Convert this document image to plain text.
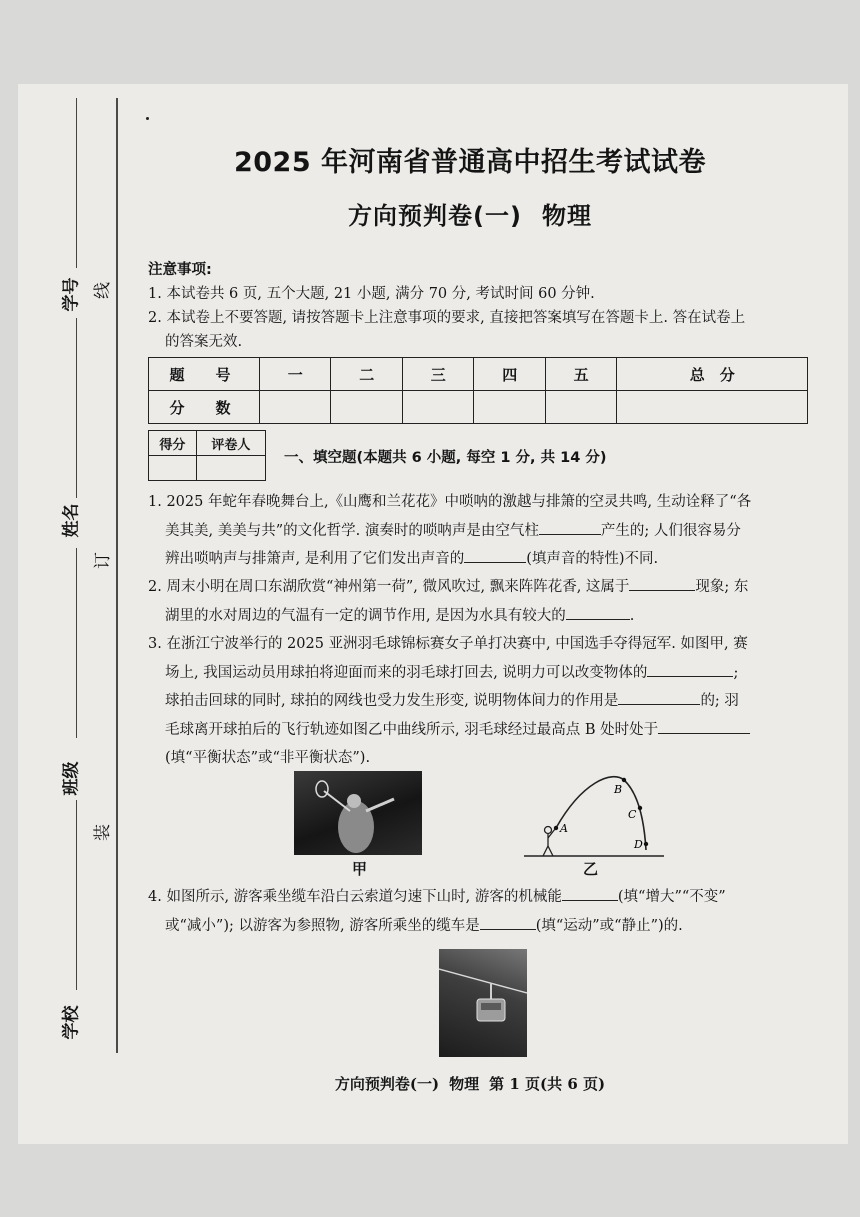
学号
姓名
班级
学校
线
订
装
2025 年河南省普通高中招生考试试卷
方向预判卷(一) 物理
注意事项:
1. 本试卷共 6 页, 五个大题, 21 小题, 满分 70 分, 考试时间 60 分钟.
2. 本试卷上不要答题, 请按答题卡上注意事项的要求, 直接把答案填写在答题卡上. 答在试卷上
的答案无效.
题　号	一	二	三	四	五	总　分
分　数						
得分	评卷人

一、填空题(本题共 6 小题, 每空 1 分, 共 14 分)

1. 2025 年蛇年春晚舞台上,《山鹰和兰花花》中唢呐的激越与排箫的空灵共鸣, 生动诠释了“各

美其美, 美美与共”的文化哲学. 演奏时的唢呐声是由空气柱	产生的; 人们很容易分

辨出唢呐声与排箫声, 是利用了它们发出声音的	(填声音的特性)不同.

2. 周末小明在周口东湖欣赏“神州第一荷”, 微风吹过, 飘来阵阵花香, 这属于	现象; 东

湖里的水对周边的气温有一定的调节作用, 是因为水具有较大的	.

3. 在浙江宁波举行的 2025 亚洲羽毛球锦标赛女子单打决赛中, 中国选手夺得冠军. 如图甲, 赛

场上, 我国运动员用球拍将迎面而来的羽毛球打回去, 说明力可以改变物体的	;

球拍击回球的同时, 球拍的网线也受力发生形变, 说明物体间力的作用是	的; 羽

毛球离开球拍后的飞行轨迹如图乙中曲线所示, 羽毛球经过最高点 B 处时处于

(填“平衡状态”或“非平衡状态”).

甲
A
B
C
D
乙

4. 如图所示, 游客乘坐缆车沿白云索道匀速下山时, 游客的机械能	(填“增大”“不变”

或“减小”); 以游客为参照物, 游客所乘坐的缆车是	(填“运动”或“静止”)的.

方向预判卷(一) 物理 第 1 页(共 6 页)
